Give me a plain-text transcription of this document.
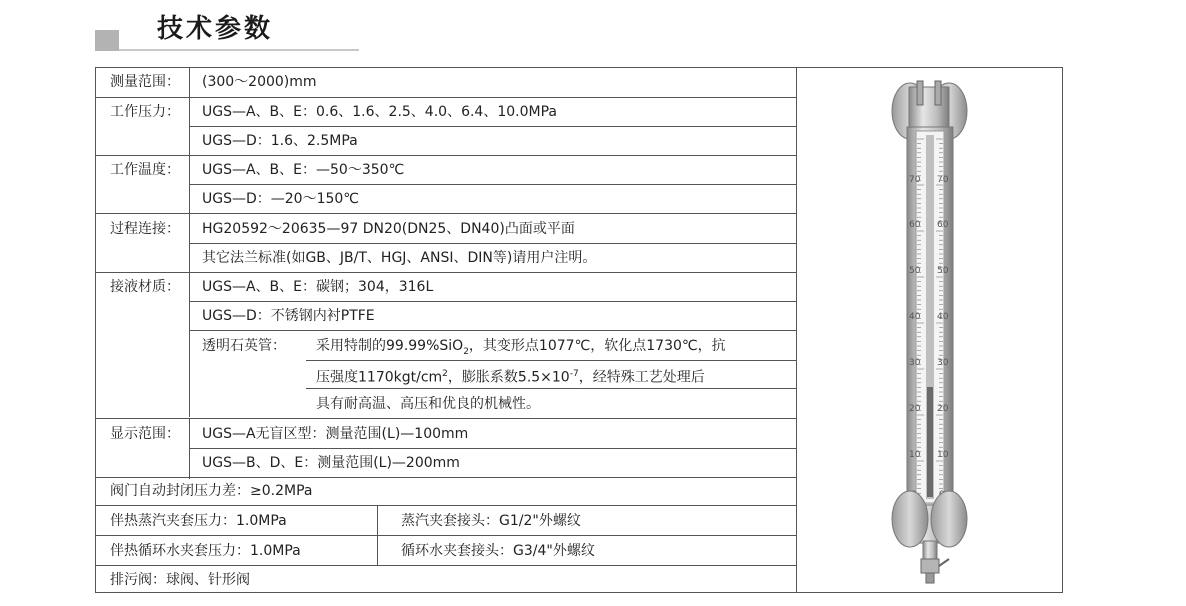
技术参数
测量范围： (300～2000)mm
工作压力： UGS—A、B、E：0.6、1.6、2.5、4.0、6.4、10.0MPa
UGS—D：1.6、2.5MPa
工作温度： UGS—A、B、E：—50～350℃
UGS—D：—20～150℃
过程连接： HG20592～20635—97 DN20(DN25、DN40)凸面或平面
其它法兰标准(如GB、JB/T、HGJ、ANSI、DIN等)请用户注明。
接液材质： UGS—A、B、E：碳钢；304，316L
UGS—D：不锈钢内衬PTFE
透明石英管： 采用特制的99.99%SiO$_2$，其变形点1077℃，软化点1730℃，抗
压强度$1170kgt/cm^2$，膨胀系数$5.5\times 10^{-7}$，经特殊工艺处理后
具有耐高温、高压和优良的机械性。
显示范围： UGS—A无盲区型：测量范围(L)—100mm
UGS—B、D、E：测量范围(L)—200mm
阀门自动封闭压力差：≥0.2MPa
伴热蒸汽夹套压力：1.0MPa	蒸汽夹套接头：G1/2"外螺纹
伴热循环水夹套压力：1.0MPa	循环水夹套接头：G3/4"外螺纹
排污阀：球阀、针形阀
70 70
60 60
50 50
40 40
30 30
20 20
10 10
